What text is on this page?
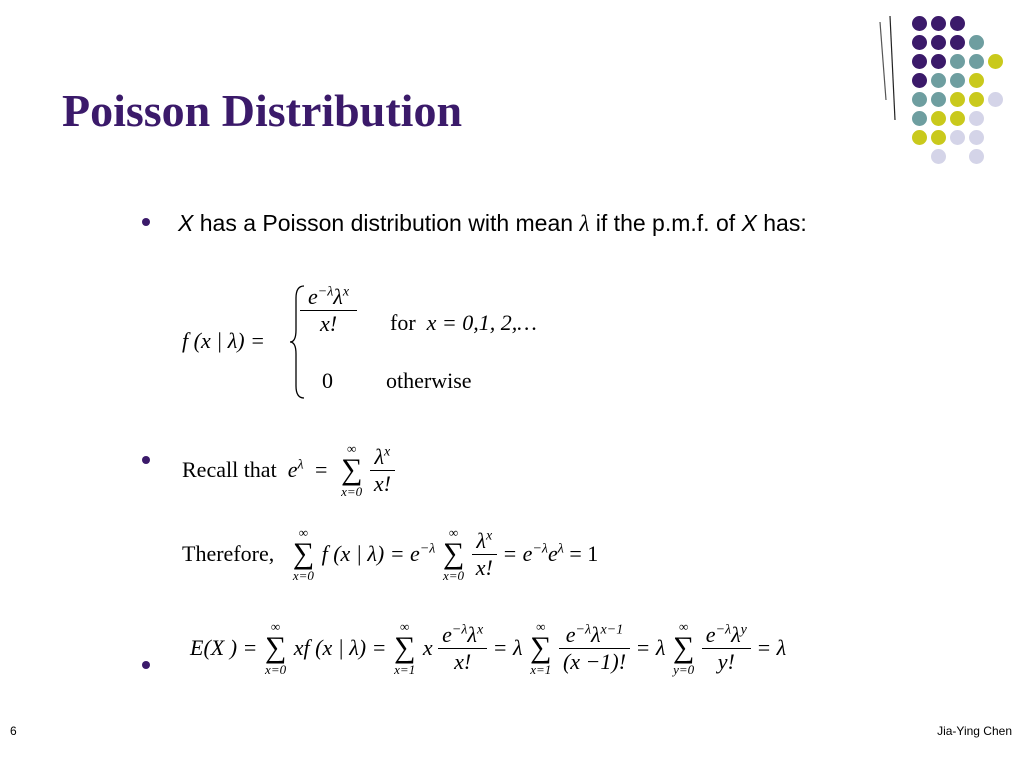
Poisson Distribution
X has a Poisson distribution with mean λ if the p.m.f. of X has:
f (x | λ) =
$\frac{e^{-\lambda}\lambda^x}{x!}$ for x = 0,1, 2,…
0 otherwise
Recall that $e^\lambda$ =
∞
∑
x=0
$\frac{\lambda^x}{x!}$
Therefore,
∞
∑
x=0
f (x | $\lambda) = e^{-\lambda}$
∞
∑
x=0
$\frac{\lambda^x}{x!} = e^{-\lambda}e^\lambda = 1$
E(X ) =
∞
∑
x=0
xf (x | λ) =
∞
∑
x=1
x $\frac{e^{-\lambda}\lambda^x}{x!} = \lambda$
∞
∑
x=1
$\frac{e^{-\lambda}\lambda^{x-1}}{(x -1)!} = \lambda$
∞
∑
y=0
$\frac{e^{-\lambda}\lambda^y}{y!} = \lambda$
6	Jia-Ying Chen
